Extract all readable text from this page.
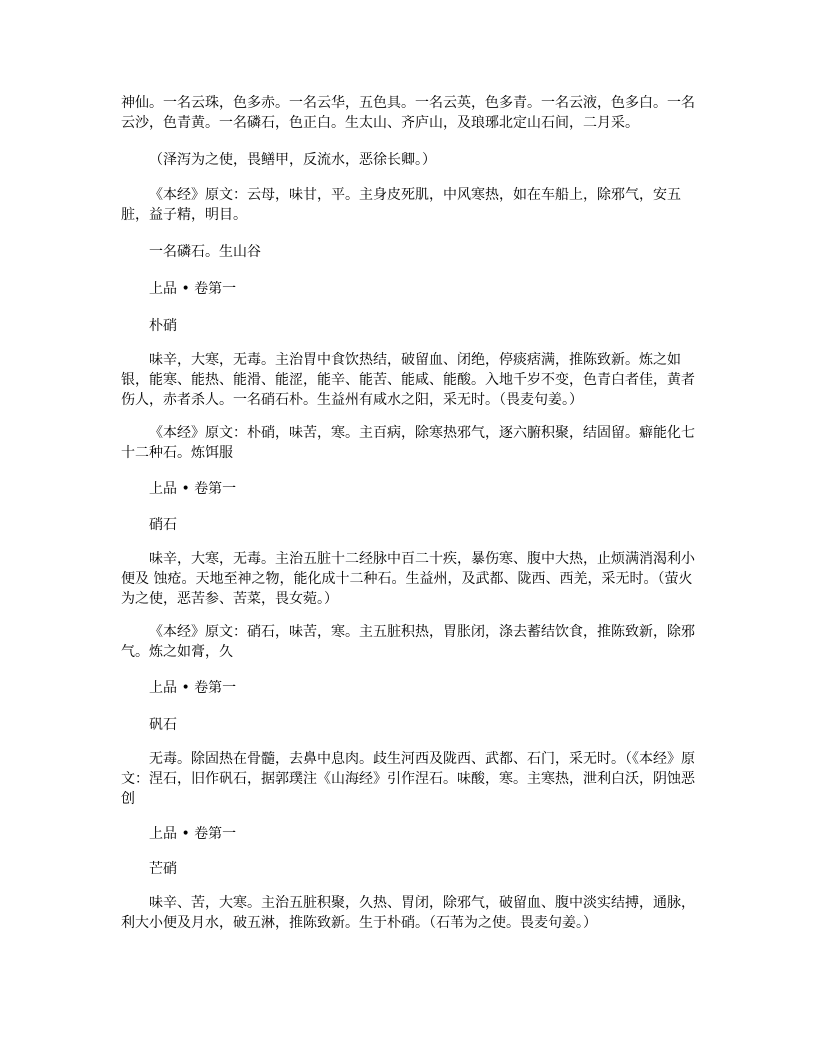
神仙。一名云珠，色多赤。一名云华，五色具。一名云英，色多青。一名云液，色多白。一名云沙，色青黄。一名磷石，色正白。生太山、齐庐山，及琅琊北定山石间，二月采。

（泽泻为之使，畏鳝甲，反流水，恶徐长卿。）

《本经》原文：云母，味甘，平。主身皮死肌，中风寒热，如在车船上，除邪气，安五脏，益子精，明目。

一名磷石。生山谷

上品 • 卷第一

朴硝

味辛，大寒，无毒。主治胃中食饮热结，破留血、闭绝，停痰痞满，推陈致新。炼之如银，能寒、能热、能滑、能涩，能辛、能苦、能咸、能酸。入地千岁不变，色青白者佳，黄者伤人，赤者杀人。一名硝石朴。生益州有咸水之阳，采无时。（畏麦句姜。）

《本经》原文：朴硝，味苦，寒。主百病，除寒热邪气，逐六腑积聚，结固留。癖能化七十二种石。炼饵服

上品 • 卷第一

硝石

味辛，大寒，无毒。主治五脏十二经脉中百二十疾，暴伤寒、腹中大热，止烦满消渴利小便及 蚀疮。天地至神之物，能化成十二种石。生益州，及武都、陇西、西羌，采无时。（萤火为之使，恶苦参、苦菜，畏女菀。）

《本经》原文：硝石，味苦，寒。主五脏积热，胃胀闭，涤去蓄结饮食，推陈致新，除邪气。炼之如膏，久

上品 • 卷第一

矾石

无毒。除固热在骨髓，去鼻中息肉。歧生河西及陇西、武都、石门，采无时。（《本经》原文：涅石，旧作矾石，据郭璞注《山海经》引作涅石。味酸，寒。主寒热，泄利白沃，阴蚀恶创

上品 • 卷第一

芒硝

味辛、苦，大寒。主治五脏积聚，久热、胃闭，除邪气，破留血、腹中淡实结搏，通脉，利大小便及月水，破五淋，推陈致新。生于朴硝。（石苇为之使。畏麦句姜。）
